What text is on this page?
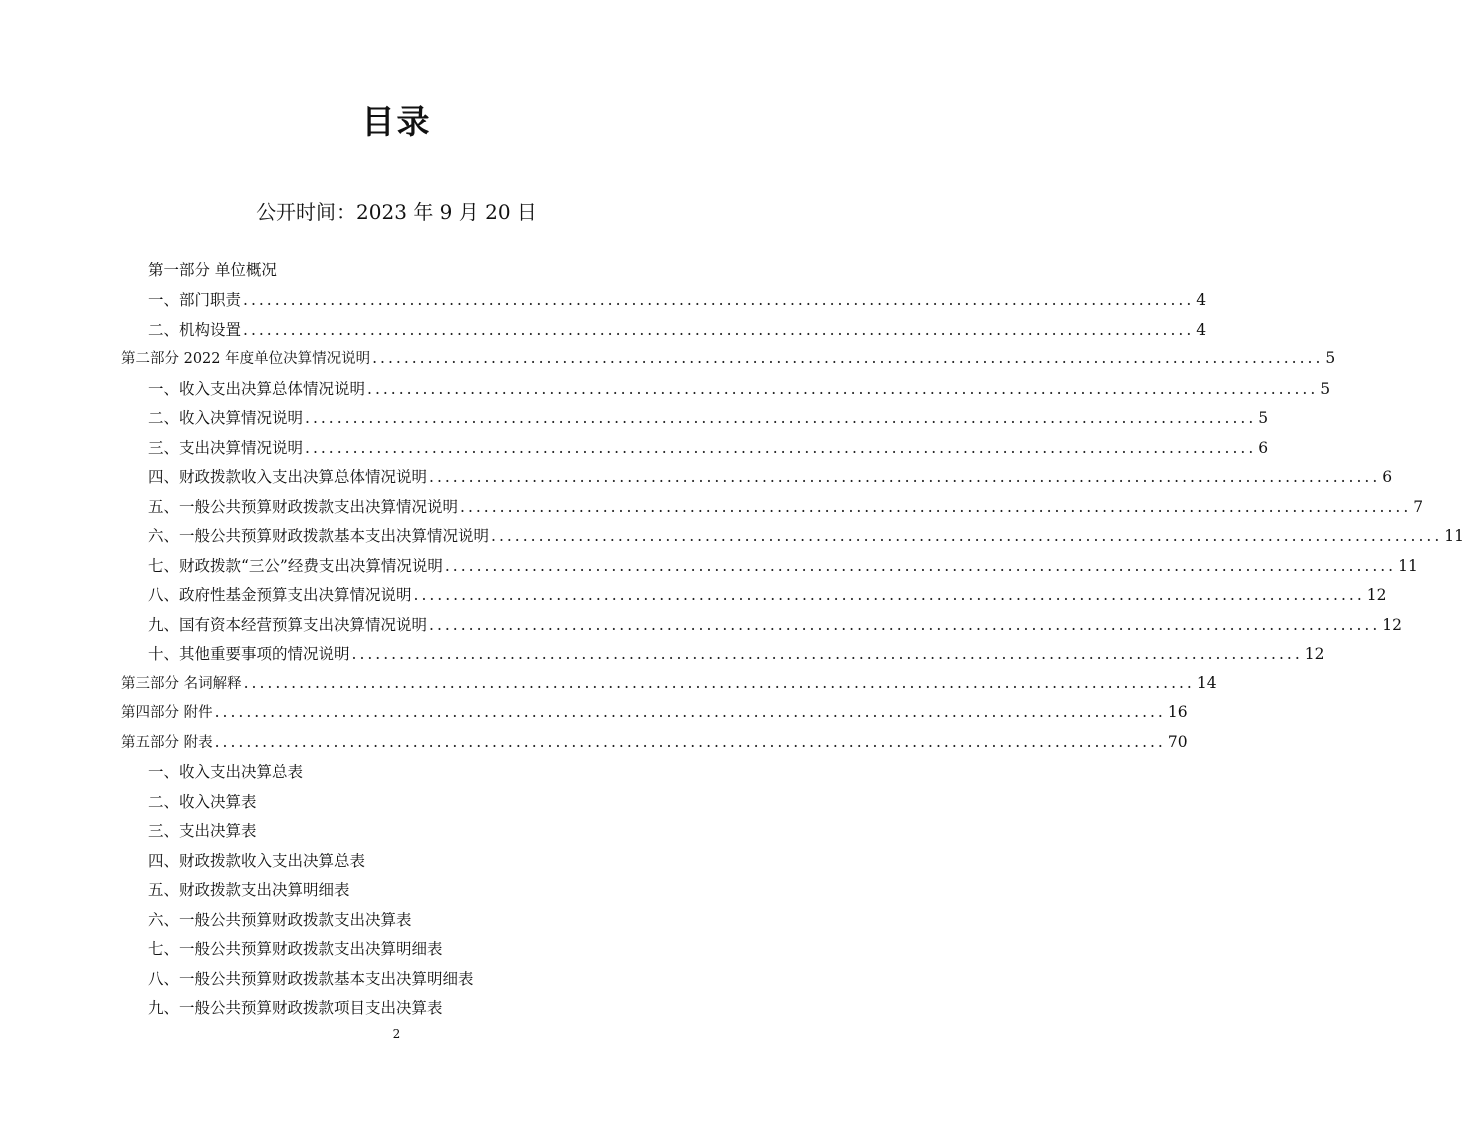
目录
公开时间：2023 年 9 月 20 日
第一部分 单位概况
一、部门职责 ........................................................................................................................ 4
二、机构设置 ........................................................................................................................ 4
第二部分 2022 年度单位决算情况说明 ........................................................................................................................ 5
一、收入支出决算总体情况说明 ........................................................................................................................ 5
二、收入决算情况说明 ........................................................................................................................ 5
三、支出决算情况说明 ........................................................................................................................ 6
四、财政拨款收入支出决算总体情况说明 ........................................................................................................................ 6
五、一般公共预算财政拨款支出决算情况说明 ........................................................................................................................ 7
六、一般公共预算财政拨款基本支出决算情况说明 ........................................................................................................................ 11
七、财政拨款“三公”经费支出决算情况说明 ........................................................................................................................ 11
八、政府性基金预算支出决算情况说明 ........................................................................................................................ 12
九、国有资本经营预算支出决算情况说明 ........................................................................................................................ 12
十、其他重要事项的情况说明 ........................................................................................................................ 12
第三部分 名词解释 ........................................................................................................................ 14
第四部分 附件 ........................................................................................................................ 16
第五部分 附表 ........................................................................................................................ 70
一、收入支出决算总表
二、收入决算表
三、支出决算表
四、财政拨款收入支出决算总表
五、财政拨款支出决算明细表
六、一般公共预算财政拨款支出决算表
七、一般公共预算财政拨款支出决算明细表
八、一般公共预算财政拨款基本支出决算明细表
九、一般公共预算财政拨款项目支出决算表
2
